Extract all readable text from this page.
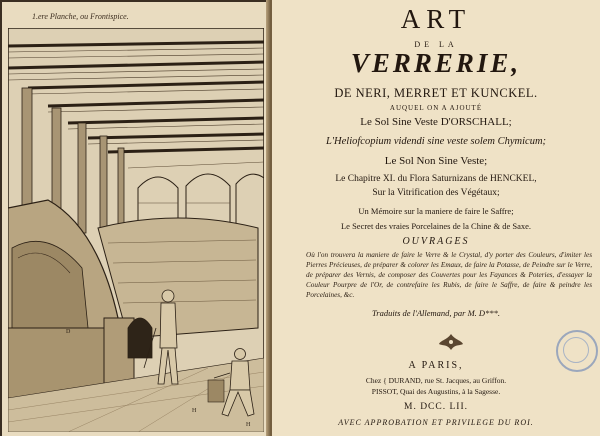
1.ere Planche, ou Frontispice.
D
H
H
ART
DE LA
VERRERIE,
DE NERI, MERRET ET KUNCKEL.
AUQUEL ON A AJOUTÉ
Le Sol Sine Veste D'ORSCHALL;
L'Heliofcopium videndi sine veste solem Chymicum;
Le Sol Non Sine Veste;
Le Chapitre XI. du Flora Saturnizans de HENCKEL,
Sur la Vitrification des Végétaux;
Un Mémoire sur la maniere de faire le Saffre;
Le Secret des vraies Porcelaines de la Chine & de Saxe.
OUVRAGES
Où l'on trouvera la maniere de faire le Verre & le Crystal, d'y porter des Couleurs, d'imiter les Pierres Précieuses, de préparer & colorer les Emaux, de faire la Potasse, de Peindre sur le Verre, de préparer des Vernis, de composer des Couvertes pour les Fayances & Poteries, d'essayer la Couleur Pourpre de l'Or, de contrefaire les Rubis, de faire le Saffre, de faire & peindre les Porcelaines, &c.
Traduits de l'Allemand, par M. D***.
A PARIS,
Chez { DURAND, rue St. Jacques, au Griffon.
PISSOT, Quai des Augustins, à la Sagesse.
M. DCC. LII.
AVEC APPROBATION ET PRIVILEGE DU ROI.
